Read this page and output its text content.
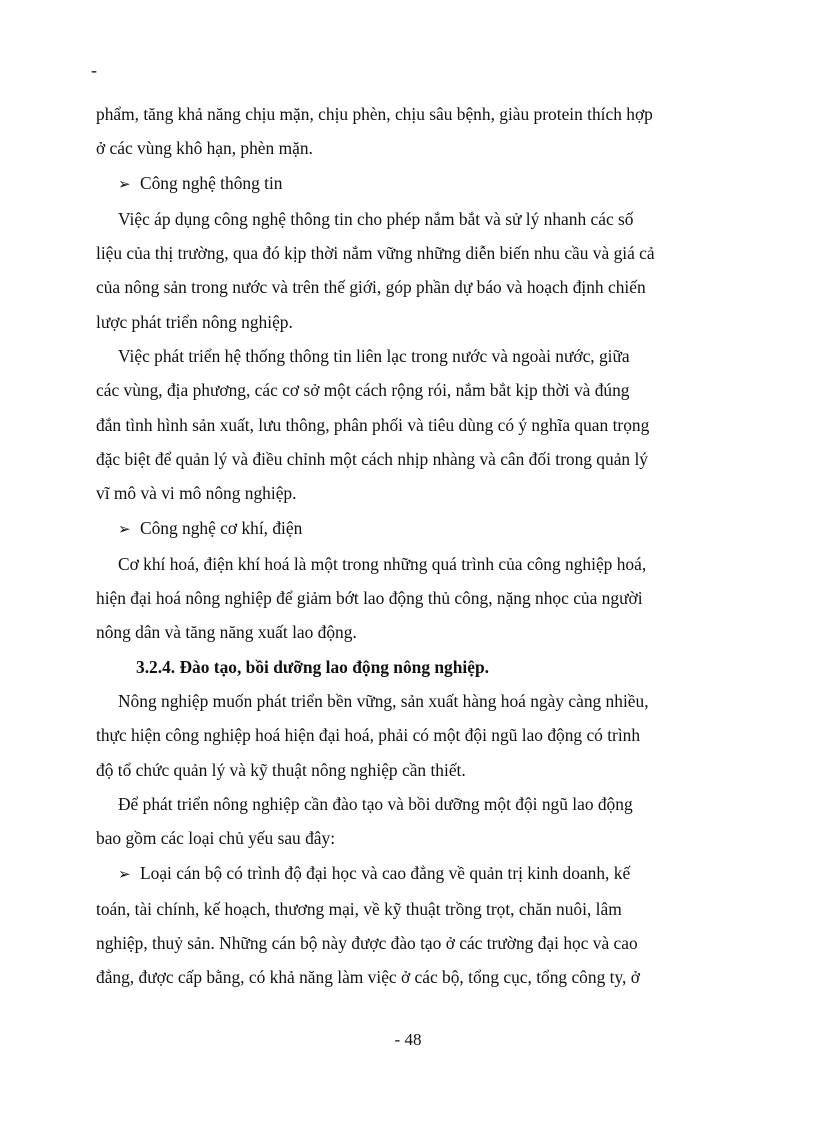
-

phẩm, tăng khả năng chịu mặn, chịu phèn, chịu sâu bệnh, giàu protein thích hợp

ở các vùng khô hạn, phèn mặn.

➢ Công nghệ thông tin

Việc áp dụng công nghệ thông tin cho phép nắm bắt và sử lý nhanh các số

liệu của thị trường, qua đó kịp thời nắm vững những diễn biến nhu cầu và giá cả

của nông sản trong nước và trên thế giới, góp phần dự báo và hoạch định chiến

lược phát triển nông nghiệp.

Việc phát triển hệ thống thông tin liên lạc trong nước và ngoài nước, giữa

các vùng, địa phương, các cơ sở một cách rộng rói, nắm bắt kịp thời và đúng

đắn tình hình sản xuất, lưu thông, phân phối và tiêu dùng có ý nghĩa quan trọng

đặc biệt để quản lý và điều chỉnh một cách nhịp nhàng và cân đối trong quản lý

vĩ mô và vi mô nông nghiệp.

➢ Công nghệ cơ khí, điện

Cơ khí hoá, điện khí hoá là một trong những quá trình của công nghiệp hoá,

hiện đại hoá nông nghiệp để giảm bớt lao động thủ công, nặng nhọc của người

nông dân và tăng năng xuất lao động.

3.2.4. Đào tạo, bồi dưỡng lao động nông nghiệp.

Nông nghiệp muốn phát triển bền vững, sản xuất hàng hoá ngày càng nhiều,

thực hiện công nghiệp hoá hiện đại hoá, phải có một đội ngũ lao động có trình

độ tổ chức quản lý và kỹ thuật nông nghiệp cần thiết.

Để phát triển nông nghiệp cần đào tạo và bồi dưỡng một đội ngũ lao động

bao gồm các loại chủ yếu sau đây:

➢ Loại cán bộ có trình độ đại học và cao đẳng về quản trị kinh doanh, kế

toán, tài chính, kế hoạch, thương mại, về kỹ thuật trồng trọt, chăn nuôi, lâm

nghiệp, thuỷ sản. Những cán bộ này được đào tạo ở các trường đại học và cao

đẳng, được cấp bằng, có khả năng làm việc ở các bộ, tổng cục, tổng công ty, ở

- 48
